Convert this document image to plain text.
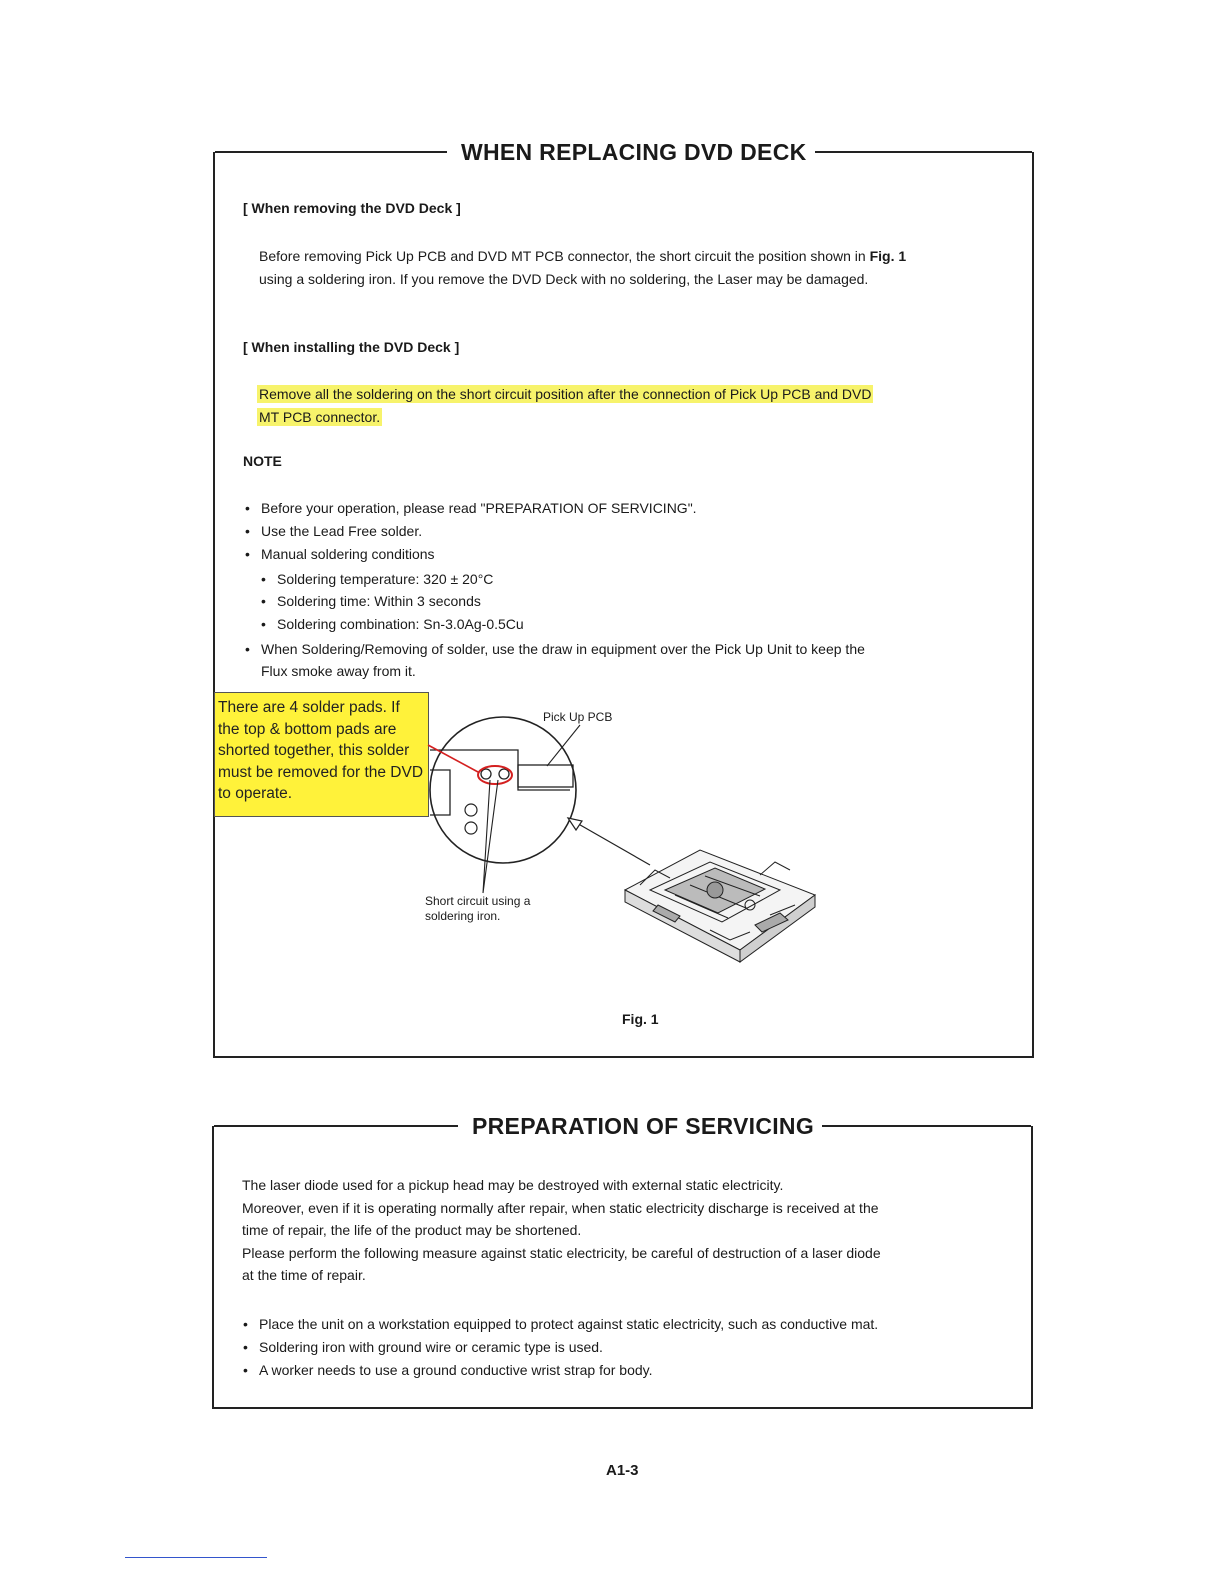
WHEN REPLACING DVD DECK
[ When removing the DVD Deck ]
Before removing Pick Up PCB and DVD MT PCB connector, the short circuit the position shown in Fig. 1
using a soldering iron. If you remove the DVD Deck with no soldering, the Laser may be damaged.
[ When installing the DVD Deck ]
Remove all the soldering on the short circuit position after the connection of Pick Up PCB and DVD
MT PCB connector.
NOTE
• Before your operation, please read "PREPARATION OF SERVICING".
• Use the Lead Free solder.
• Manual soldering conditions
• Soldering temperature: 320 ± 20°C
• Soldering time: Within 3 seconds
• Soldering combination: Sn-3.0Ag-0.5Cu
• When Soldering/Removing of solder, use the draw in equipment over the Pick Up Unit to keep the
Flux smoke away from it.
There are 4 solder pads. If the top & bottom pads are shorted together, this solder must be removed for the DVD to operate.
Pick Up PCB
Short circuit using a
soldering iron.
Fig. 1
PREPARATION OF SERVICING
The laser diode used for a pickup head may be destroyed with external static electricity.
Moreover, even if it is operating normally after repair, when static electricity discharge is received at the
time of repair, the life of the product may be shortened.
Please perform the following measure against static electricity, be careful of destruction of a laser diode
at the time of repair.
• Place the unit on a workstation equipped to protect against static electricity, such as conductive mat.
• Soldering iron with ground wire or ceramic type is used.
• A worker needs to use a ground conductive wrist strap for body.
A1-3
